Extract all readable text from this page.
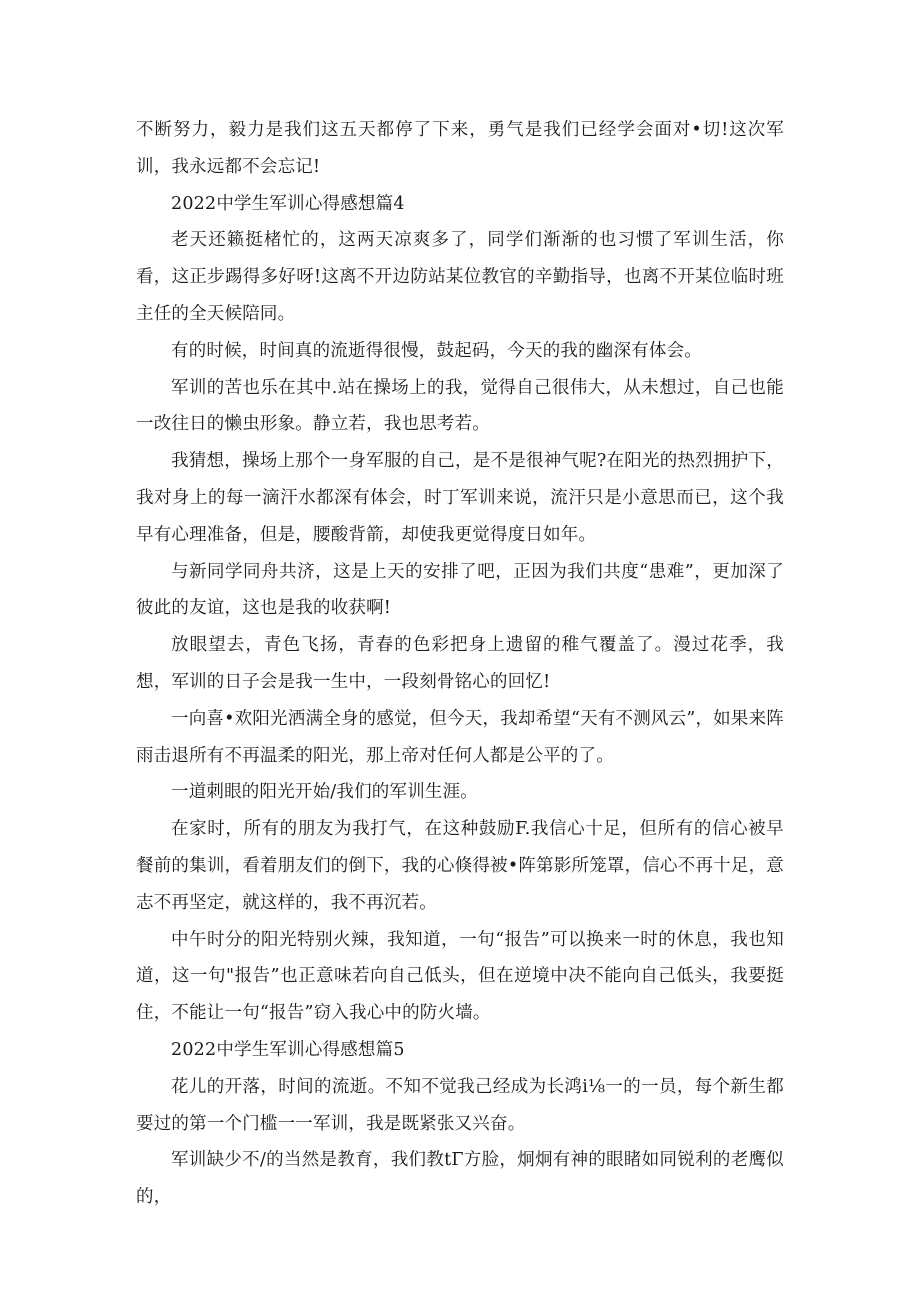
不断努力，毅力是我们这五天都停了下来，勇气是我们已经学会面对•切!这次军训，我永远都不会忘记!

2022中学生军训心得感想篇4

老天还籁挺楮忙的，这两天凉爽多了，同学们渐渐的也习惯了军训生活，你看，这正步踢得多好呀!这离不开边防站某位教官的辛勤指导，也离不开某位临时班主任的全天候陪同。

有的时候，时间真的流逝得很慢，鼓起码，今天的我的幽深有体会。

军训的苦也乐在其中.站在操场上的我，觉得自己很伟大，从未想过，自己也能一改往日的懒虫形象。静立若，我也思考若。

我猜想，操场上那个一身军服的自己，是不是很神气呢?在阳光的热烈拥护下，我对身上的每一滴汗水都深有体会，时丁军训来说，流汗只是小意思而已，这个我早有心理准备，但是，腰酸背箭，却使我更觉得度日如年。

与新同学同舟共济，这是上天的安排了吧，正因为我们共度“患难”，更加深了彼此的友谊，这也是我的收获啊!

放眼望去，青色飞扬，青春的色彩把身上遗留的稚气覆盖了。漫过花季，我想，军训的日子会是我一生中，一段刻骨铭心的回忆!

一向喜•欢阳光洒满全身的感觉，但今天，我却希望“天有不测风云”，如果来阵雨击退所有不再温柔的阳光，那上帝对任何人都是公平的了。

一道刺眼的阳光开始/我们的军训生涯。

在家时，所有的朋友为我打气，在这种鼓励F.我信心十足，但所有的信心被早餐前的集训，看着朋友们的倒下，我的心倏得被•阵第影所笼罩，信心不再十足，意志不再坚定，就这样的，我不再沉若。

中午时分的阳光特别火辣，我知道，一句“报告”可以换来一时的休息，我也知道，这一句"报告”也正意味若向自己低头，但在逆境中决不能向自己低头，我要挺住，不能让一句“报告”窃入我心中的防火墙。

2022中学生军训心得感想篇5

花儿的开落，时间的流逝。不知不觉我己经成为长鸿i⅛一的一员，每个新生都要过的第一个门槛一一军训，我是既紧张又兴奋。

军训缺少不/的当然是教育，我们教tΓ方脸，炯炯有神的眼睹如同锐利的老鹰似的，
